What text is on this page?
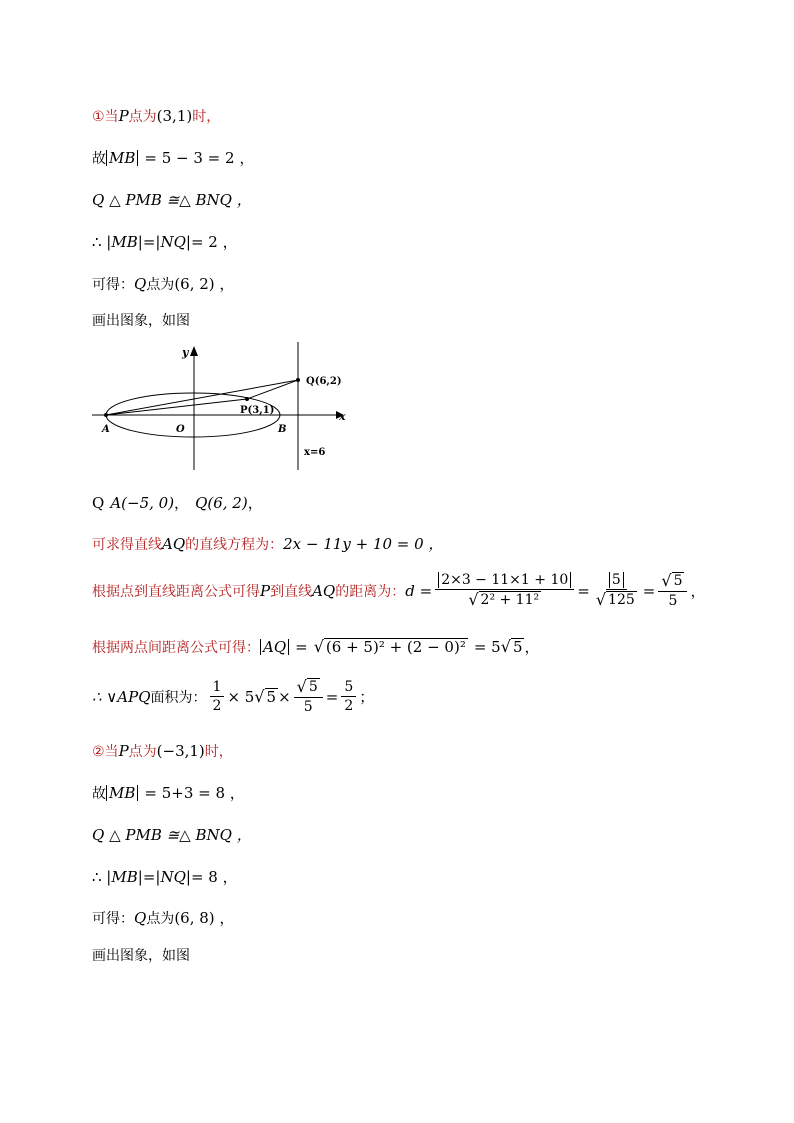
①当 P 点为 (3,1) 时，
故 MB = 5 − 3 = 2 ，
Q △ PMB ≅△ BNQ ，
∴ | MB |=| NQ |= 2 ，
可得： Q 点为 (6, 2) ，
画出图象，如图
y
x
Q(6,2)
P(3,1)
A	O	B
x=6
Q A(−5, 0) ， Q(6, 2) ，
可求得直线 AQ 的直线方程为： 2x − 11y + 10 = 0 ，
根据点到直线距离公式可得 P 到直线 AQ 的距离为： $d = \frac{2\times 3 - 11\times 1 + 10}{\text{√ 2² + 11²}} = \frac{5}{√ 125} = \frac{√ 5}{5}$ ，
根据两点间距离公式可得： AQ = √ (6 + 5)² + (2 − 0)² = 5 √ 5 ，
∴ ∨APQ 面积为： $\frac{1}{2} \times 5$ √ $5 \times \frac{√ 5}{5} = \frac{5}{2}$ ；
②当 P 点为 (−3,1) 时，
故 MB = 5+3 = 8 ，
Q △ PMB ≅△ BNQ ，
∴ | MB |=| NQ |= 8 ，
可得： Q 点为 (6, 8) ，
画出图象，如图
